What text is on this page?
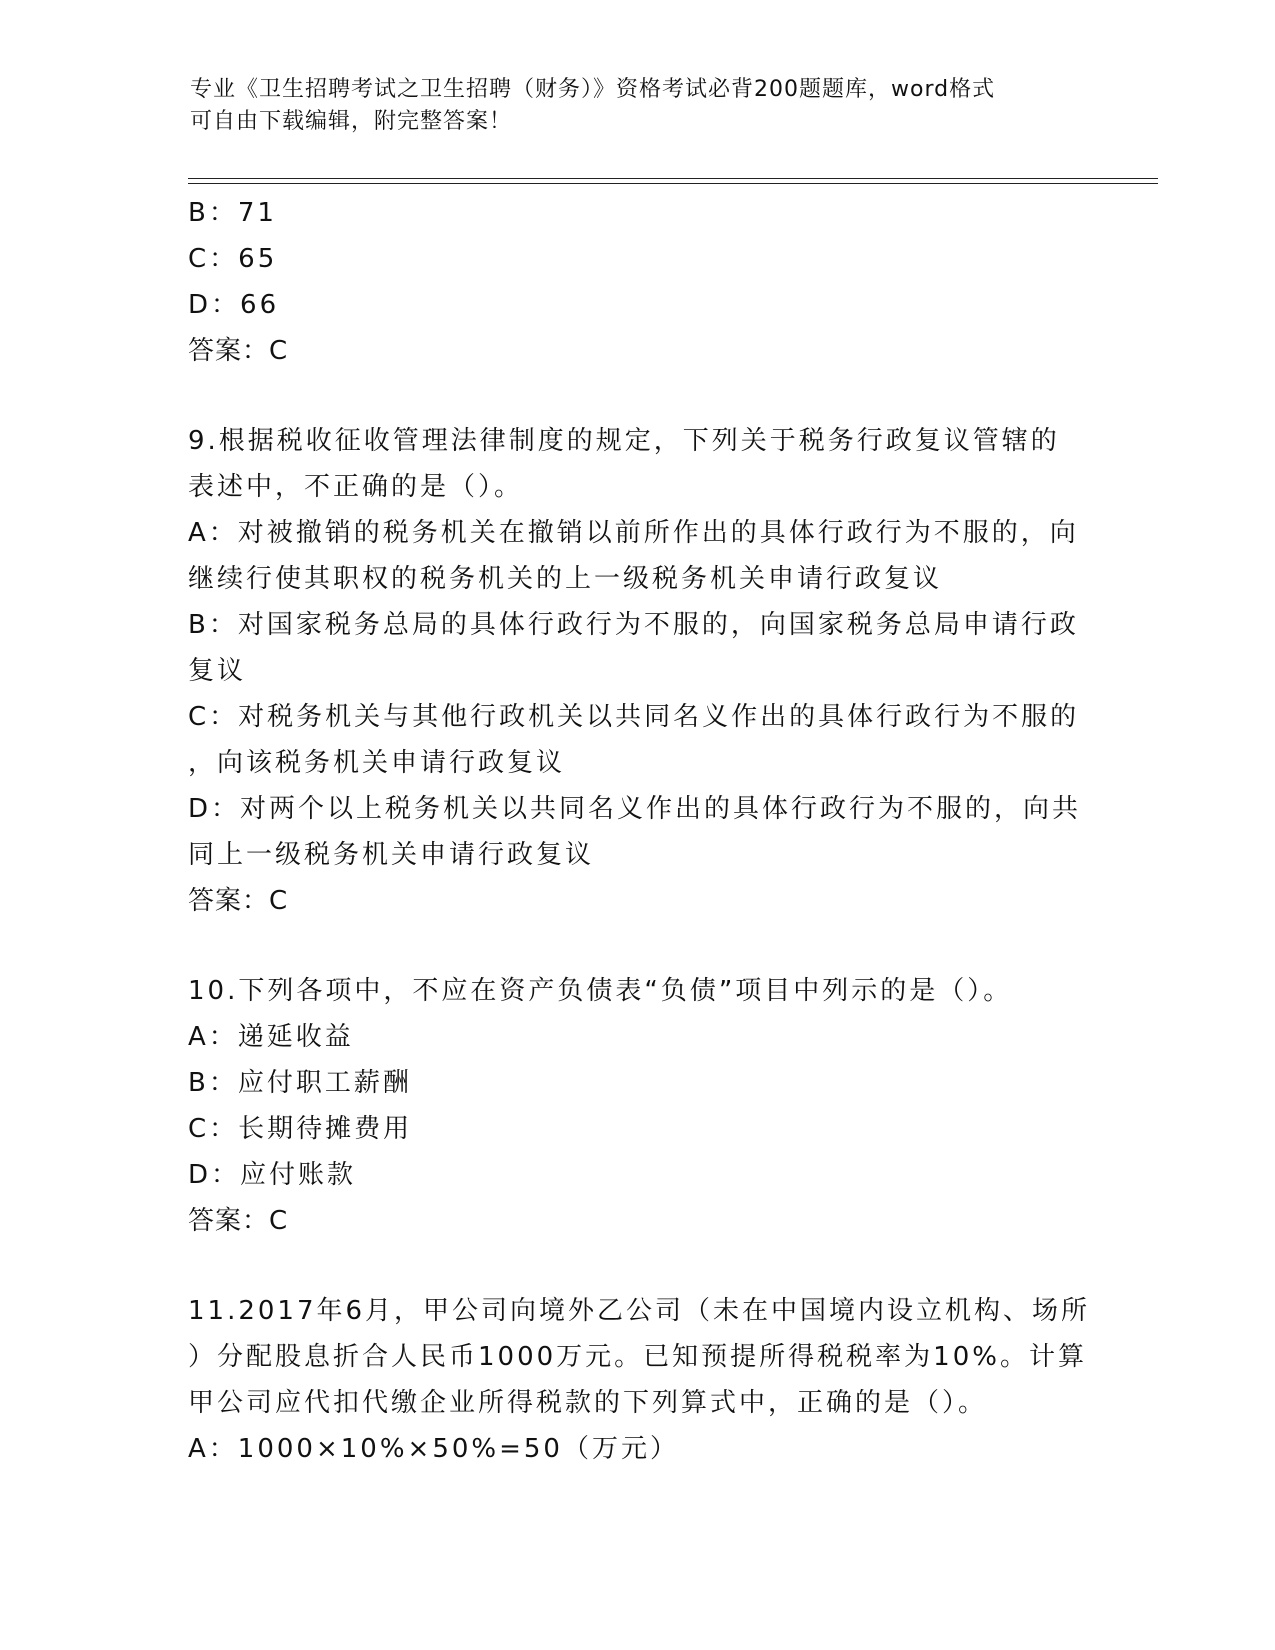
专业《卫生招聘考试之卫生招聘（财务）》资格考试必背200题题库，word格式
可自由下载编辑，附完整答案！
B：71
C：65
D：66
答案：C
9.根据税收征收管理法律制度的规定，下列关于税务行政复议管辖的
表述中，不正确的是（）。
A：对被撤销的税务机关在撤销以前所作出的具体行政行为不服的，向
继续行使其职权的税务机关的上一级税务机关申请行政复议
B：对国家税务总局的具体行政行为不服的，向国家税务总局申请行政
复议
C：对税务机关与其他行政机关以共同名义作出的具体行政行为不服的
，向该税务机关申请行政复议
D：对两个以上税务机关以共同名义作出的具体行政行为不服的，向共
同上一级税务机关申请行政复议
答案：C
10.下列各项中，不应在资产负债表“负债”项目中列示的是（）。
A：递延收益
B：应付职工薪酬
C：长期待摊费用
D：应付账款
答案：C
11.2017年6月，甲公司向境外乙公司（未在中国境内设立机构、场所
）分配股息折合人民币1000万元。已知预提所得税税率为10%。计算
甲公司应代扣代缴企业所得税款的下列算式中，正确的是（）。
A：1000×10%×50%=50（万元）
